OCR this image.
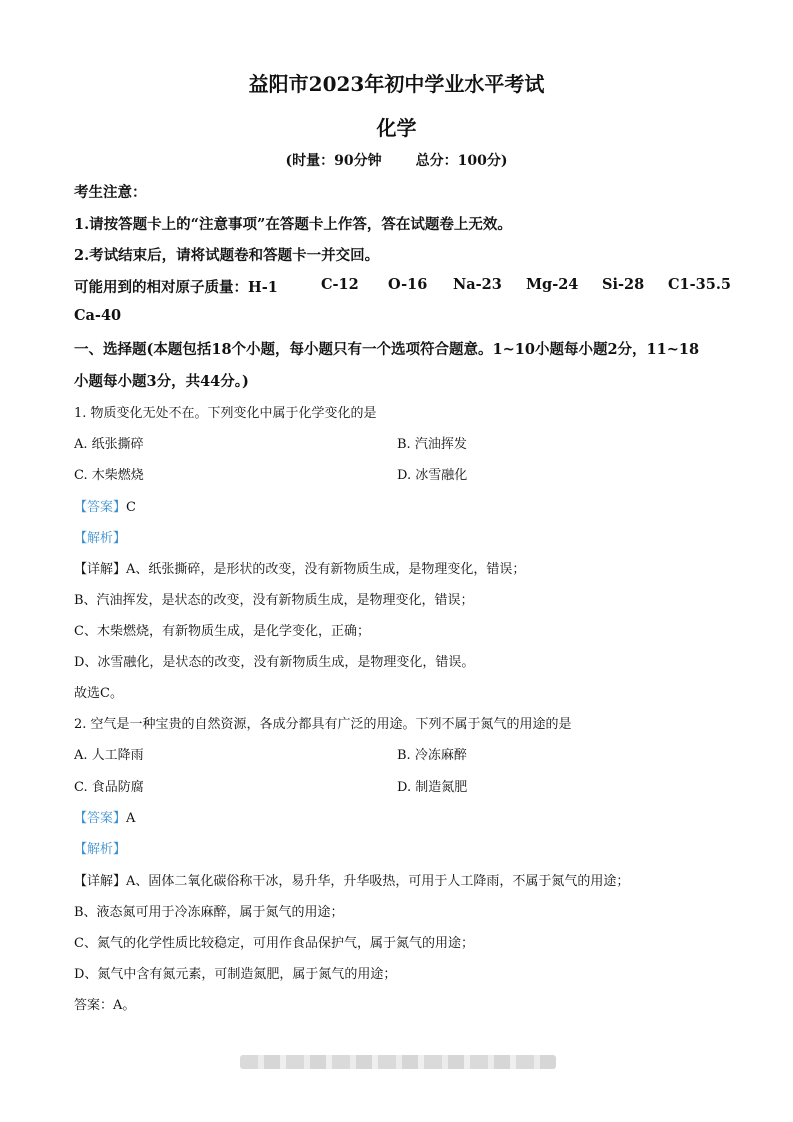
益阳市2023年初中学业水平考试
化学
(时量：90分钟 总分：100分)
考生注意：
1.请按答题卡上的“注意事项”在答题卡上作答，答在试题卷上无效。
2.考试结束后，请将试题卷和答题卡一并交回。
可能用到的相对原子质量：H-1	C-12 O-16 Na-23 Mg-24 Si-28 C1-35.5
Ca-40
一、选择题(本题包括18个小题，每小题只有一个选项符合题意。1~10小题每小题2分，11~18
小题每小题3分，共44分。)
1. 物质变化无处不在。下列变化中属于化学变化的是
A. 纸张撕碎	B. 汽油挥发
C. 木柴燃烧	D. 冰雪融化
【答案】C
【解析】
【详解】A、纸张撕碎，是形状的改变，没有新物质生成，是物理变化，错误；
B、汽油挥发，是状态的改变，没有新物质生成，是物理变化，错误；
C、木柴燃烧，有新物质生成，是化学变化，正确；
D、冰雪融化，是状态的改变，没有新物质生成，是物理变化，错误。
故选C。
2. 空气是一种宝贵的自然资源，各成分都具有广泛的用途。下列不属于氮气的用途的是
A. 人工降雨	B. 冷冻麻醉
C. 食品防腐	D. 制造氮肥
【答案】A
【解析】
【详解】A、固体二氧化碳俗称干冰，易升华，升华吸热，可用于人工降雨，不属于氮气的用途；
B、液态氮可用于冷冻麻醉，属于氮气的用途；
C、氮气的化学性质比较稳定，可用作食品保护气，属于氮气的用途；
D、氮气中含有氮元素，可制造氮肥，属于氮气的用途；
答案：A。
